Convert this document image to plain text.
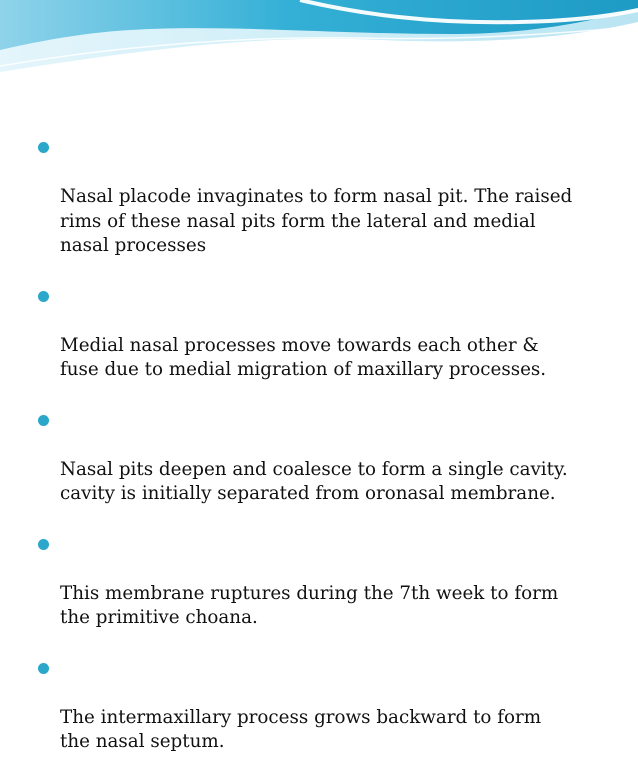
Nasal placode invaginates to form nasal pit. The raised
rims of these nasal pits form the lateral and medial
nasal processes

Medial nasal processes move towards each other &
fuse due to medial migration of maxillary processes.

Nasal pits deepen and coalesce to form a single cavity.
cavity is initially separated from oronasal membrane.

This membrane ruptures during the 7th week to form
the primitive choana.

The intermaxillary process grows backward to form
the nasal septum.
